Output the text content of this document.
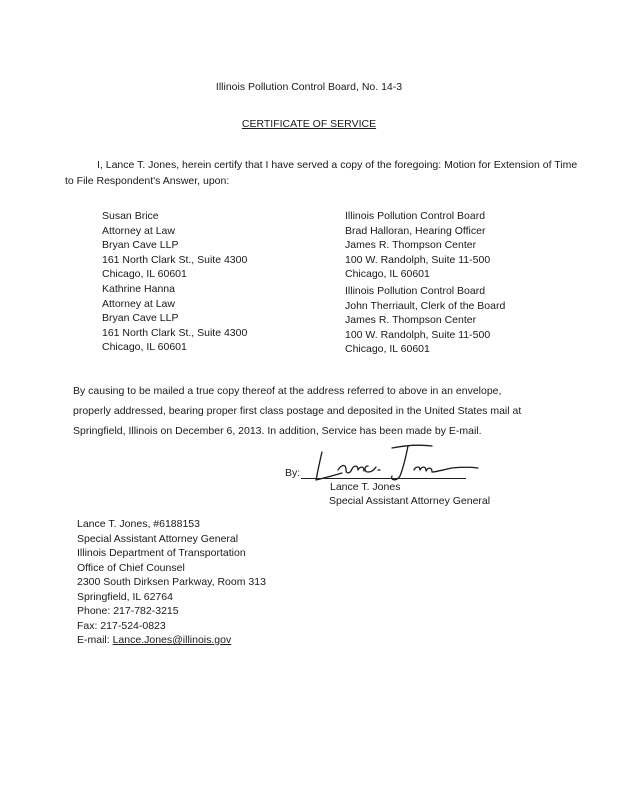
Illinois Pollution Control Board, No. 14-3
CERTIFICATE OF SERVICE
I, Lance T. Jones, herein certify that I have served a copy of the foregoing: Motion for Extension of Time to File Respondent's Answer, upon:
Susan Brice
Attorney at Law
Bryan Cave LLP
161 North Clark St., Suite 4300
Chicago, IL 60601
Illinois Pollution Control Board
Brad Halloran, Hearing Officer
James R. Thompson Center
100 W. Randolph, Suite 11-500
Chicago, IL 60601
Kathrine Hanna
Attorney at Law
Bryan Cave LLP
161 North Clark St., Suite 4300
Chicago, IL 60601
Illinois Pollution Control Board
John Therriault, Clerk of the Board
James R. Thompson Center
100 W. Randolph, Suite 11-500
Chicago, IL 60601
By causing to be mailed a true copy thereof at the address referred to above in an envelope, properly addressed, bearing proper first class postage and deposited in the United States mail at Springfield, Illinois on December 6, 2013. In addition, Service has been made by E-mail.
By:
Lance T. Jones
Special Assistant Attorney General
Lance T. Jones, #6188153
Special Assistant Attorney General
Illinois Department of Transportation
Office of Chief Counsel
2300 South Dirksen Parkway, Room 313
Springfield, IL 62764
Phone: 217-782-3215
Fax: 217-524-0823
E-mail: Lance.Jones@illinois.gov
